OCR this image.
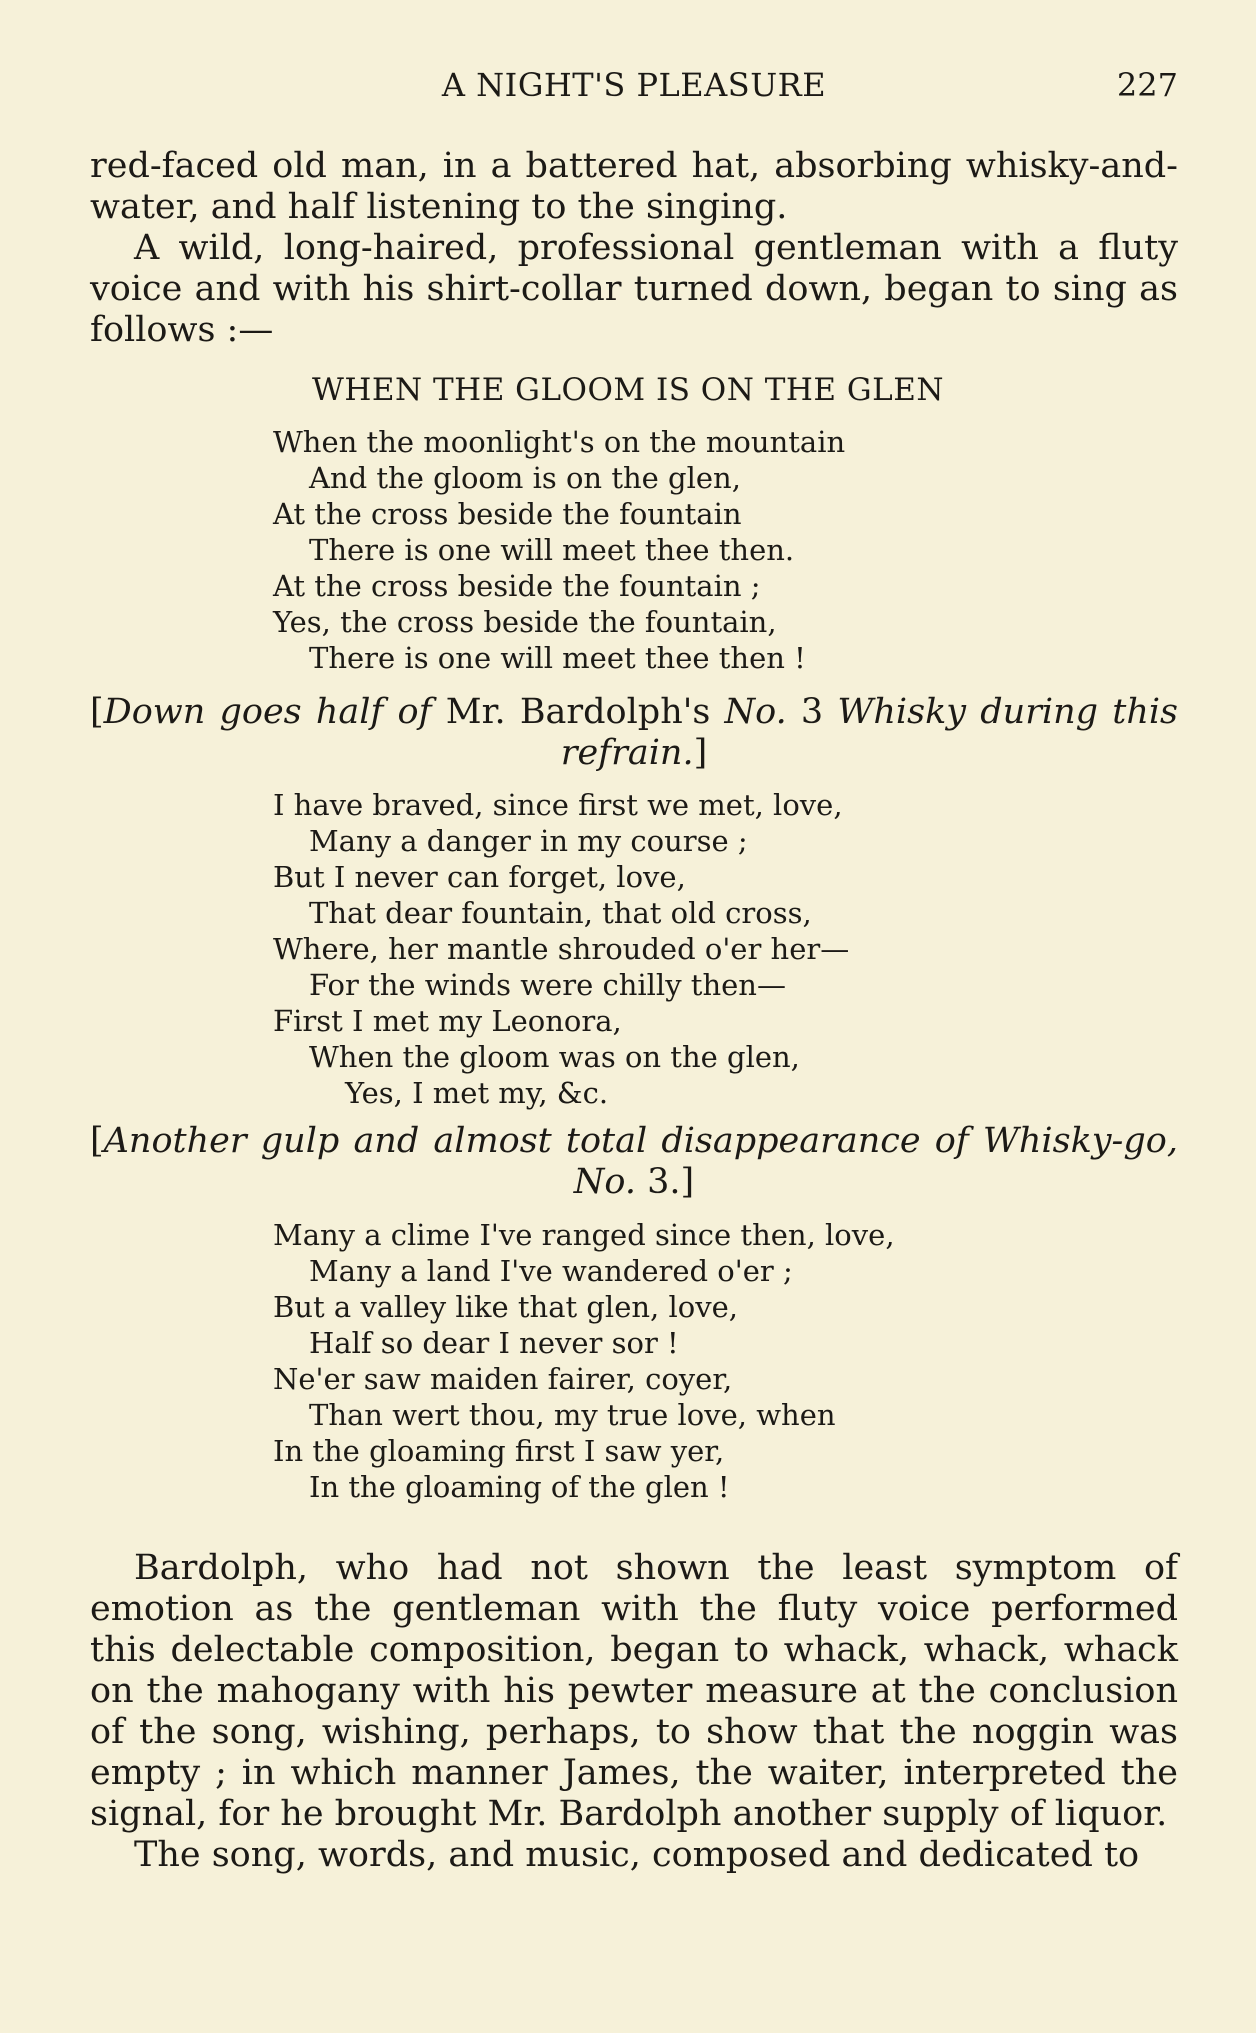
A NIGHT'S PLEASURE	227

red-faced old man, in a battered hat, absorbing whisky-and-water, and half listening to the singing.

A wild, long-haired, professional gentleman with a fluty voice and with his shirt-collar turned down, began to sing as follows :—

WHEN THE GLOOM IS ON THE GLEN
When the moonlight's on the mountain
And the gloom is on the glen,
At the cross beside the fountain
There is one will meet thee then.
At the cross beside the fountain ;
Yes, the cross beside the fountain,
There is one will meet thee then !
[Down goes half of Mr. Bardolph's No. 3 Whisky during this refrain.]
I have braved, since first we met, love,
Many a danger in my course ;
But I never can forget, love,
That dear fountain, that old cross,
Where, her mantle shrouded o'er her—
For the winds were chilly then—
First I met my Leonora,
When the gloom was on the glen,
Yes, I met my, &c.
[Another gulp and almost total disappearance of Whisky-go, No. 3.]
Many a clime I've ranged since then, love,
Many a land I've wandered o'er ;
But a valley like that glen, love,
Half so dear I never sor !
Ne'er saw maiden fairer, coyer,
Than wert thou, my true love, when
In the gloaming first I saw yer,
In the gloaming of the glen !

Bardolph, who had not shown the least symptom of emotion as the gentleman with the fluty voice performed this delectable composition, began to whack, whack, whack on the mahogany with his pewter measure at the conclusion of the song, wishing, perhaps, to show that the noggin was empty ; in which manner James, the waiter, interpreted the signal, for he brought Mr. Bardolph another supply of liquor.

The song, words, and music, composed and dedicated to
